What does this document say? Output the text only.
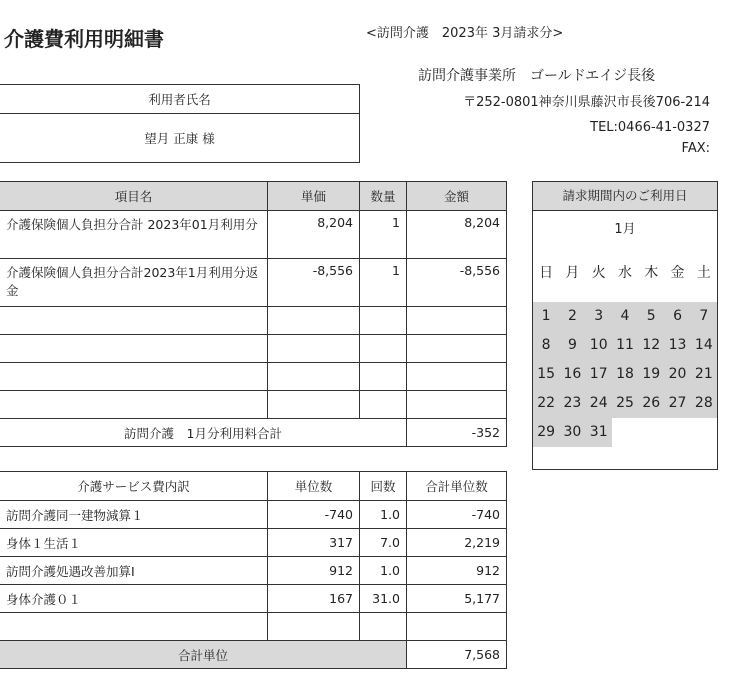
介護費利用明細書	<訪問介護　2023年 3月請求分>
訪問介護事業所　ゴールドエイジ長後
〒252-0801神奈川県藤沢市長後706-214
TEL:0466-41-0327
FAX:
利用者氏名
望月 正康 様
項目名	単価	数量	金額
介護保険個人負担分合計 2023年01月利用分	8,204	1	8,204
介護保険個人負担分合計2023年1月利用分返金	-8,556	1	-8,556

訪問介護　1月分利用料合計			-352
介護サービス費内訳	単位数	回数	合計単位数
訪問介護同一建物減算１	-740	1.0	-740
身体１生活１	317	7.0	2,219
訪問介護処遇改善加算Ⅰ	912	1.0	912
身体介護０１	167	31.0	5,177

合計単位			7,568
請求期間内のご利用日
1月
日 月 火 水 木 金 土
1	2	3	4	5	6	7
8	9 10 11 12 13 14
15 16 17 18 19 20 21
22 23 24 25 26 27 28
29 30 31
